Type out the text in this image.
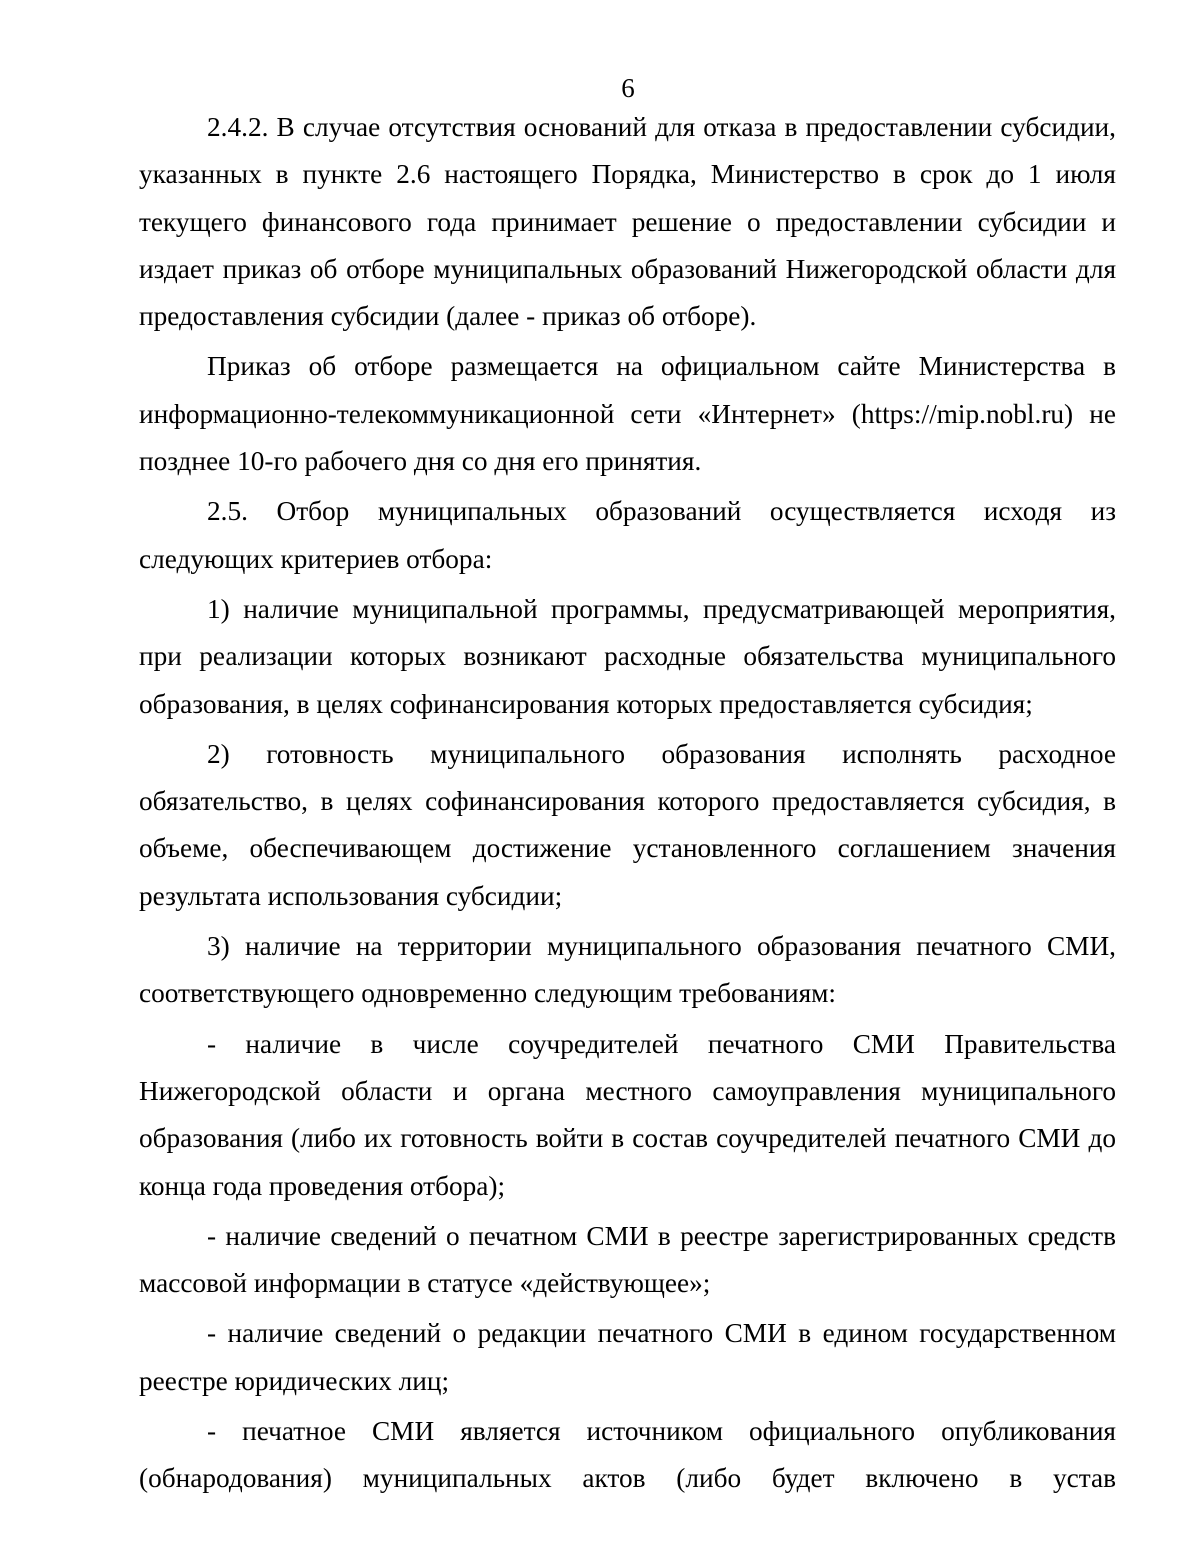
6

2.4.2. В случае отсутствия оснований для отказа в предоставлении субсидии, указанных в пункте 2.6 настоящего Порядка, Министерство в срок до 1 июля текущего финансового года принимает решение о предоставлении субсидии и издает приказ об отборе муниципальных образований Нижегородской области для предоставления субсидии (далее - приказ об отборе).

Приказ об отборе размещается на официальном сайте Министерства в информационно-телекоммуникационной сети «Интернет» (https://mip.nobl.ru) не позднее 10-го рабочего дня со дня его принятия.

2.5. Отбор муниципальных образований осуществляется исходя из следующих критериев отбора:

1) наличие муниципальной программы, предусматривающей мероприятия, при реализации которых возникают расходные обязательства муниципального образования, в целях софинансирования которых предоставляется субсидия;

2) готовность муниципального образования исполнять расходное обязательство, в целях софинансирования которого предоставляется субсидия, в объеме, обеспечивающем достижение установленного соглашением значения результата использования субсидии;

3) наличие на территории муниципального образования печатного СМИ, соответствующего одновременно следующим требованиям:

- наличие в числе соучредителей печатного СМИ Правительства Нижегородской области и органа местного самоуправления муниципального образования (либо их готовность войти в состав соучредителей печатного СМИ до конца года проведения отбора);

- наличие сведений о печатном СМИ в реестре зарегистрированных средств массовой информации в статусе «действующее»;

- наличие сведений о редакции печатного СМИ в едином государственном реестре юридических лиц;

- печатное СМИ является источником официального опубликования (обнародования) муниципальных актов (либо будет включено в устав
